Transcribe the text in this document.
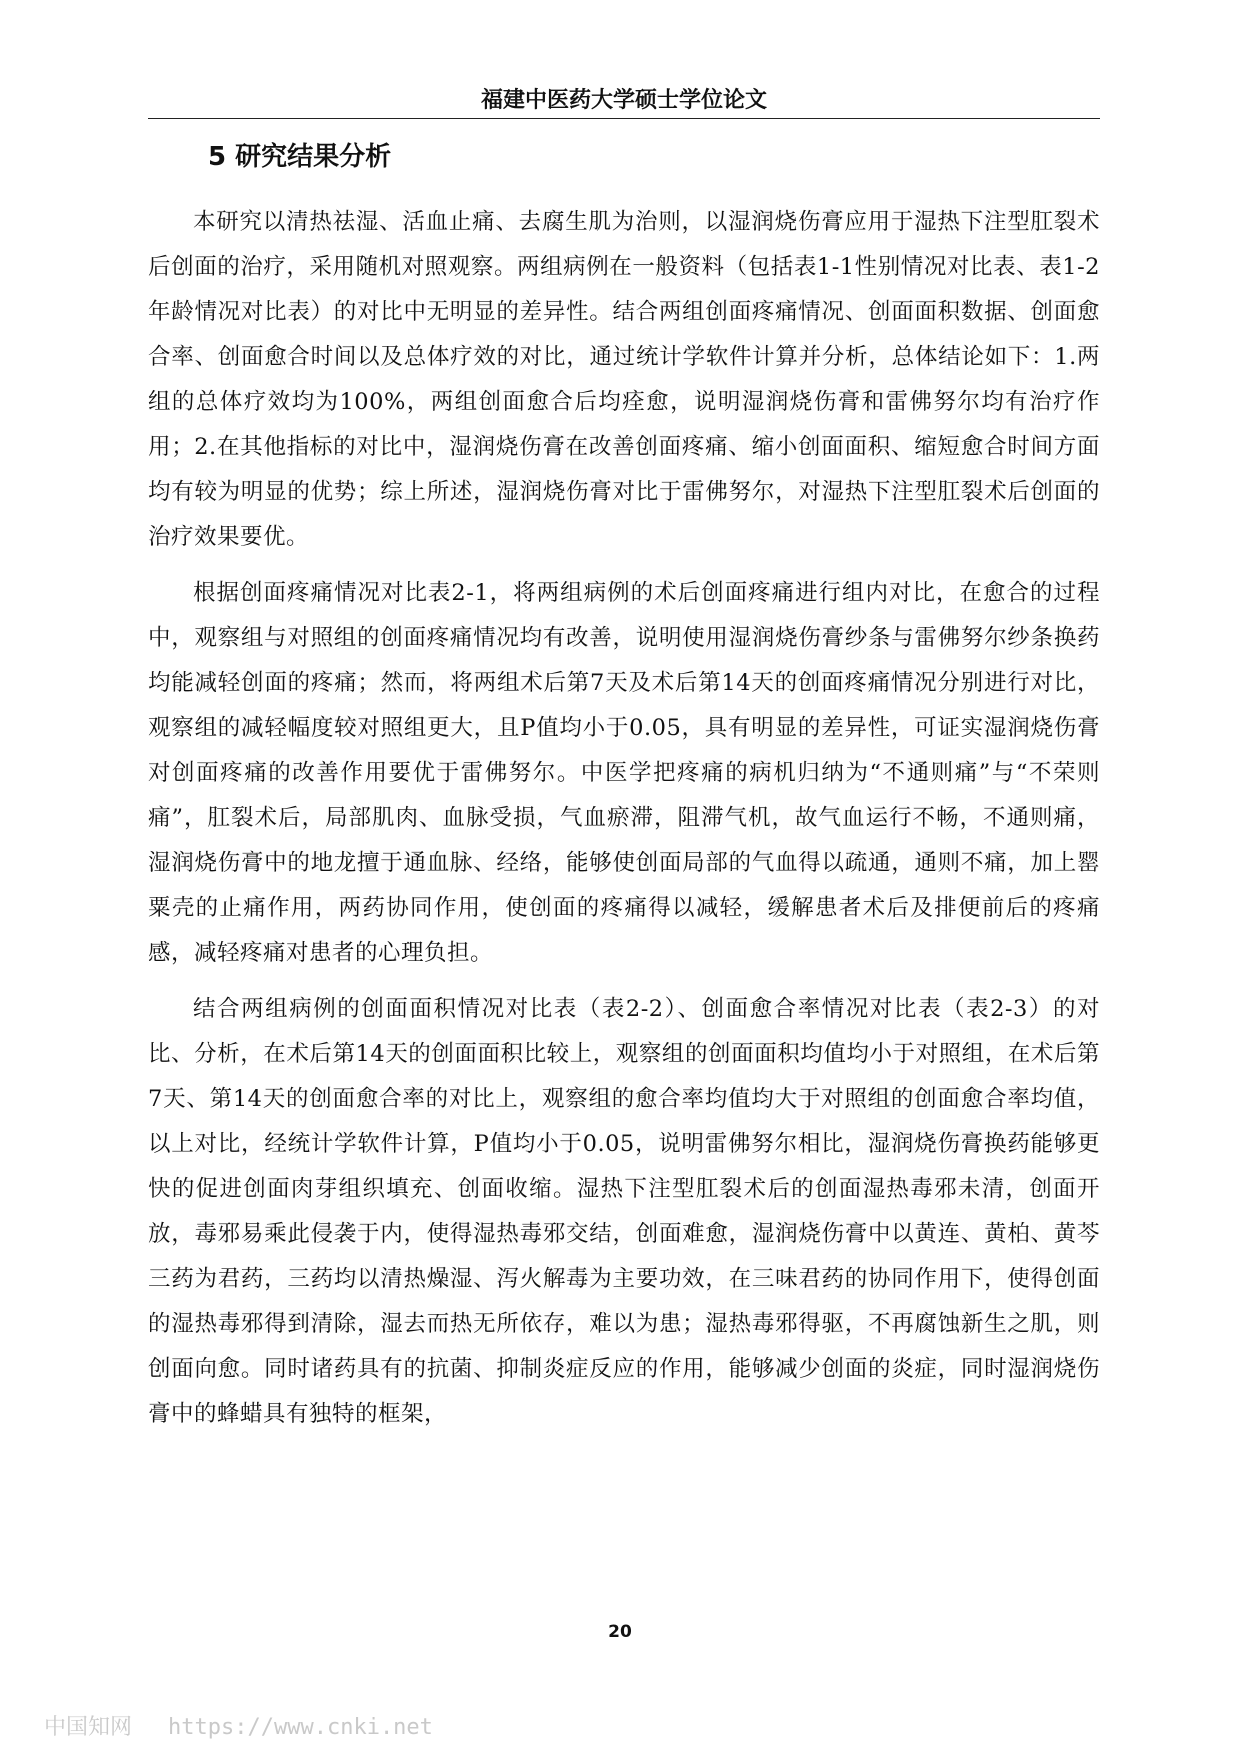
福建中医药大学硕士学位论文
5 研究结果分析

本研究以清热祛湿、活血止痛、去腐生肌为治则，以湿润烧伤膏应用于湿热下注型肛裂术后创面的治疗，采用随机对照观察。两组病例在一般资料（包括表1-1性别情况对比表、表1-2年龄情况对比表）的对比中无明显的差异性。结合两组创面疼痛情况、创面面积数据、创面愈合率、创面愈合时间以及总体疗效的对比，通过统计学软件计算并分析，总体结论如下：1.两组的总体疗效均为100%，两组创面愈合后均痊愈，说明湿润烧伤膏和雷佛努尔均有治疗作用；2.在其他指标的对比中，湿润烧伤膏在改善创面疼痛、缩小创面面积、缩短愈合时间方面均有较为明显的优势；综上所述，湿润烧伤膏对比于雷佛努尔，对湿热下注型肛裂术后创面的治疗效果要优。

根据创面疼痛情况对比表2-1，将两组病例的术后创面疼痛进行组内对比，在愈合的过程中，观察组与对照组的创面疼痛情况均有改善，说明使用湿润烧伤膏纱条与雷佛努尔纱条换药均能减轻创面的疼痛；然而，将两组术后第7天及术后第14天的创面疼痛情况分别进行对比，观察组的减轻幅度较对照组更大，且P值均小于0.05，具有明显的差异性，可证实湿润烧伤膏对创面疼痛的改善作用要优于雷佛努尔。中医学把疼痛的病机归纳为“不通则痛”与“不荣则痛”，肛裂术后，局部肌肉、血脉受损，气血瘀滞，阻滞气机，故气血运行不畅，不通则痛，湿润烧伤膏中的地龙擅于通血脉、经络，能够使创面局部的气血得以疏通，通则不痛，加上罂粟壳的止痛作用，两药协同作用，使创面的疼痛得以减轻，缓解患者术后及排便前后的疼痛感，减轻疼痛对患者的心理负担。

结合两组病例的创面面积情况对比表（表2-2）、创面愈合率情况对比表（表2-3）的对比、分析，在术后第14天的创面面积比较上，观察组的创面面积均值均小于对照组，在术后第7天、第14天的创面愈合率的对比上，观察组的愈合率均值均大于对照组的创面愈合率均值，以上对比，经统计学软件计算，P值均小于0.05，说明雷佛努尔相比，湿润烧伤膏换药能够更快的促进创面肉芽组织填充、创面收缩。湿热下注型肛裂术后的创面湿热毒邪未清，创面开放，毒邪易乘此侵袭于内，使得湿热毒邪交结，创面难愈，湿润烧伤膏中以黄连、黄柏、黄芩三药为君药，三药均以清热燥湿、泻火解毒为主要功效，在三味君药的协同作用下，使得创面的湿热毒邪得到清除，湿去而热无所依存，难以为患；湿热毒邪得驱，不再腐蚀新生之肌，则创面向愈。同时诸药具有的抗菌、抑制炎症反应的作用，能够减少创面的炎症，同时湿润烧伤膏中的蜂蜡具有独特的框架，

20
中国知网 https://www.cnki.net
